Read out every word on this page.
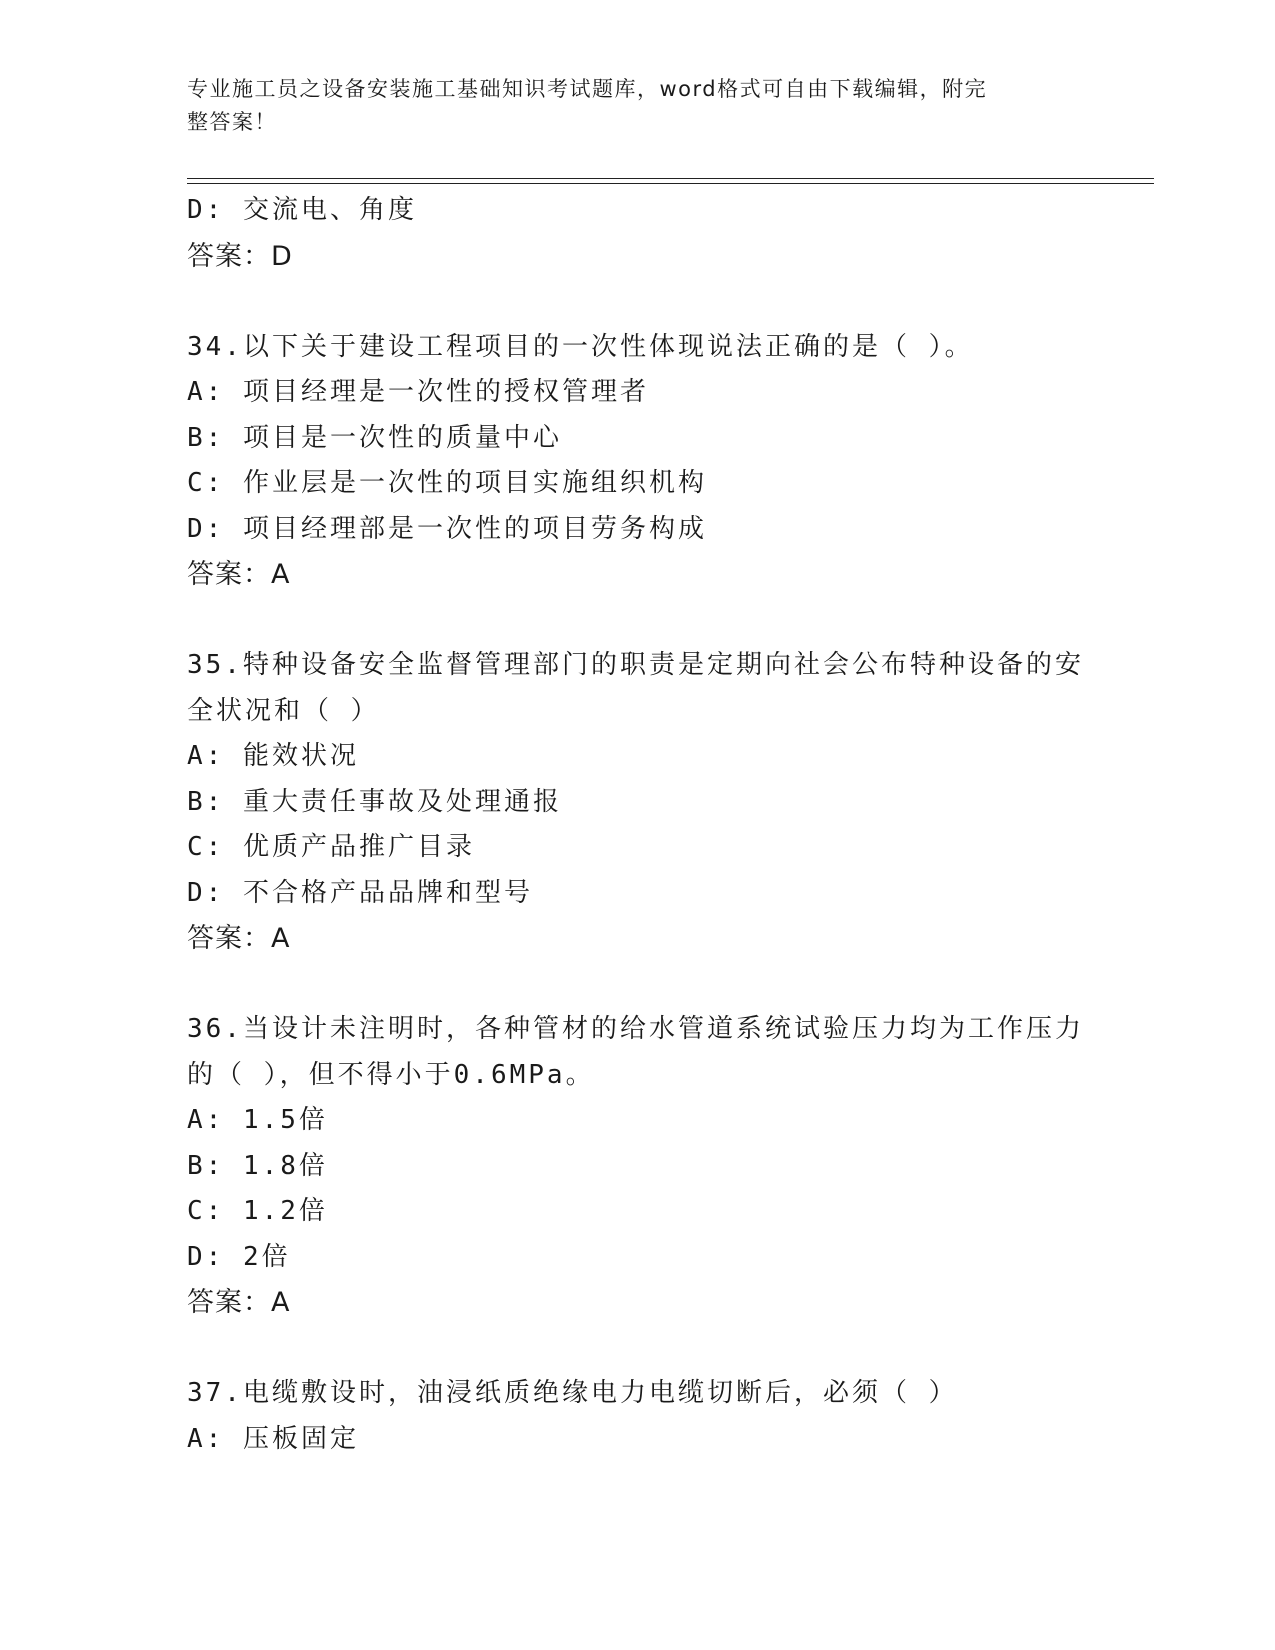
专业施工员之设备安装施工基础知识考试题库，word格式可自由下载编辑，附完
整答案！
D: 交流电、角度
答案：D
34.以下关于建设工程项目的一次性体现说法正确的是（ ）。
A: 项目经理是一次性的授权管理者
B: 项目是一次性的质量中心
C: 作业层是一次性的项目实施组织机构
D: 项目经理部是一次性的项目劳务构成
答案：A
35.特种设备安全监督管理部门的职责是定期向社会公布特种设备的安
全状况和（ ）
A: 能效状况
B: 重大责任事故及处理通报
C: 优质产品推广目录
D: 不合格产品品牌和型号
答案：A
36.当设计未注明时，各种管材的给水管道系统试验压力均为工作压力
的（ ），但不得小于0.6MPa。
A: 1.5倍
B: 1.8倍
C: 1.2倍
D: 2倍
答案：A
37.电缆敷设时，油浸纸质绝缘电力电缆切断后，必须（ ）
A: 压板固定
